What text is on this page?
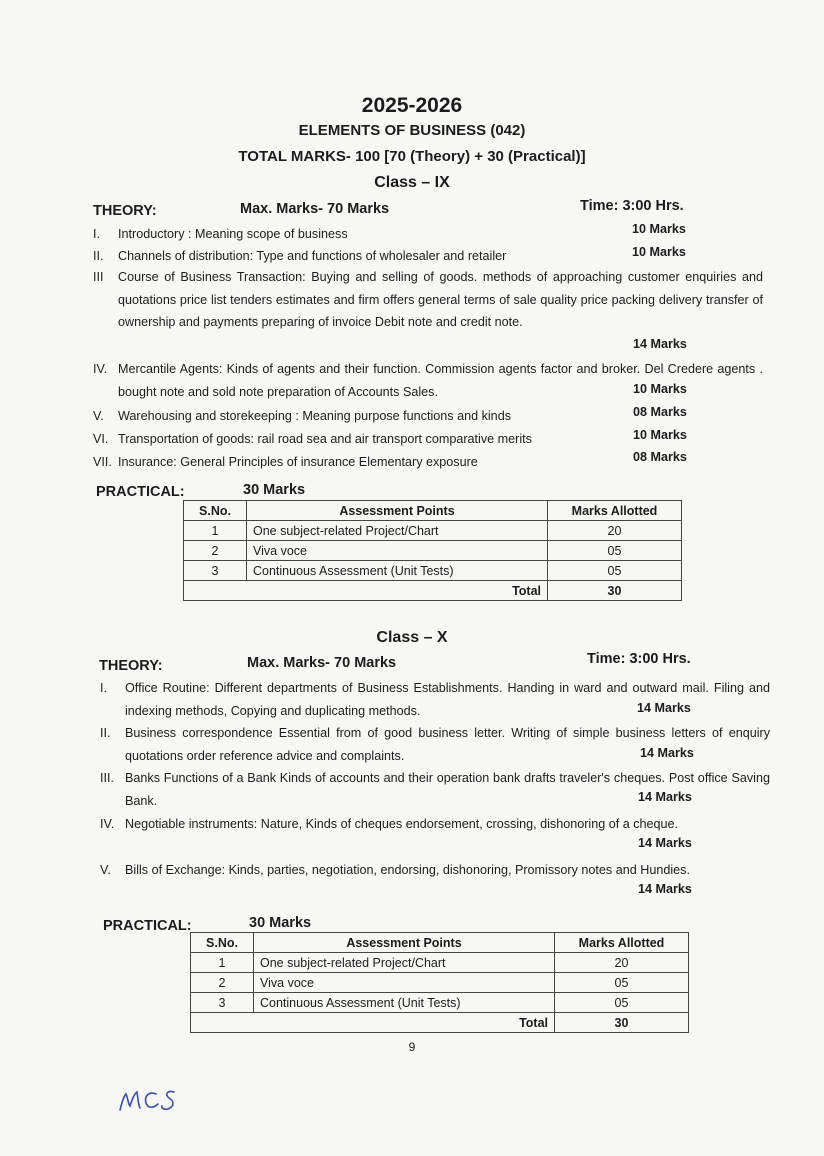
2025-2026
ELEMENTS OF BUSINESS (042)
TOTAL MARKS- 100 [70 (Theory) + 30 (Practical)]
Class – IX
THEORY:	Max. Marks- 70 Marks	Time: 3:00 Hrs.
I. Introductory : Meaning scope of business	10 Marks
II. Channels of distribution: Type and functions of wholesaler and retailer	10 Marks
III Course of Business Transaction: Buying and selling of goods. methods of approaching customer enquiries and quotations price list tenders estimates and firm offers general terms of sale quality price packing delivery transfer of ownership and payments preparing of invoice Debit note and credit note.
14 Marks
IV. Mercantile Agents: Kinds of agents and their function. Commission agents factor and broker. Del Credere agents . bought note and sold note preparation of Accounts Sales.	10 Marks
V. Warehousing and storekeeping : Meaning purpose functions and kinds	08 Marks
VI. Transportation of goods: rail road sea and air transport comparative merits	10 Marks
VII. Insurance: General Principles of insurance Elementary exposure	08 Marks
PRACTICAL:	30 Marks
S.No.	Assessment Points	Marks Allotted
1	One subject-related Project/Chart	20
2	Viva voce	05
3	Continuous Assessment (Unit Tests)	05
Total		30
Class – X
THEORY:	Max. Marks- 70 Marks	Time: 3:00 Hrs.
I. Office Routine: Different departments of Business Establishments. Handing in ward and outward mail. Filing and indexing methods, Copying and duplicating methods.	14 Marks
II. Business correspondence Essential from of good business letter. Writing of simple business letters of enquiry quotations order reference advice and complaints.	14 Marks
III. Banks Functions of a Bank Kinds of accounts and their operation bank drafts traveler's cheques. Post office Saving Bank.	14 Marks
IV. Negotiable instruments: Nature, Kinds of cheques endorsement, crossing, dishonoring of a cheque.
14 Marks
V. Bills of Exchange: Kinds, parties, negotiation, endorsing, dishonoring, Promissory notes and Hundies.
14 Marks
PRACTICAL:	30 Marks
S.No.	Assessment Points	Marks Allotted
1	One subject-related Project/Chart	20
2	Viva voce	05
3	Continuous Assessment (Unit Tests)	05
Total		30
9
